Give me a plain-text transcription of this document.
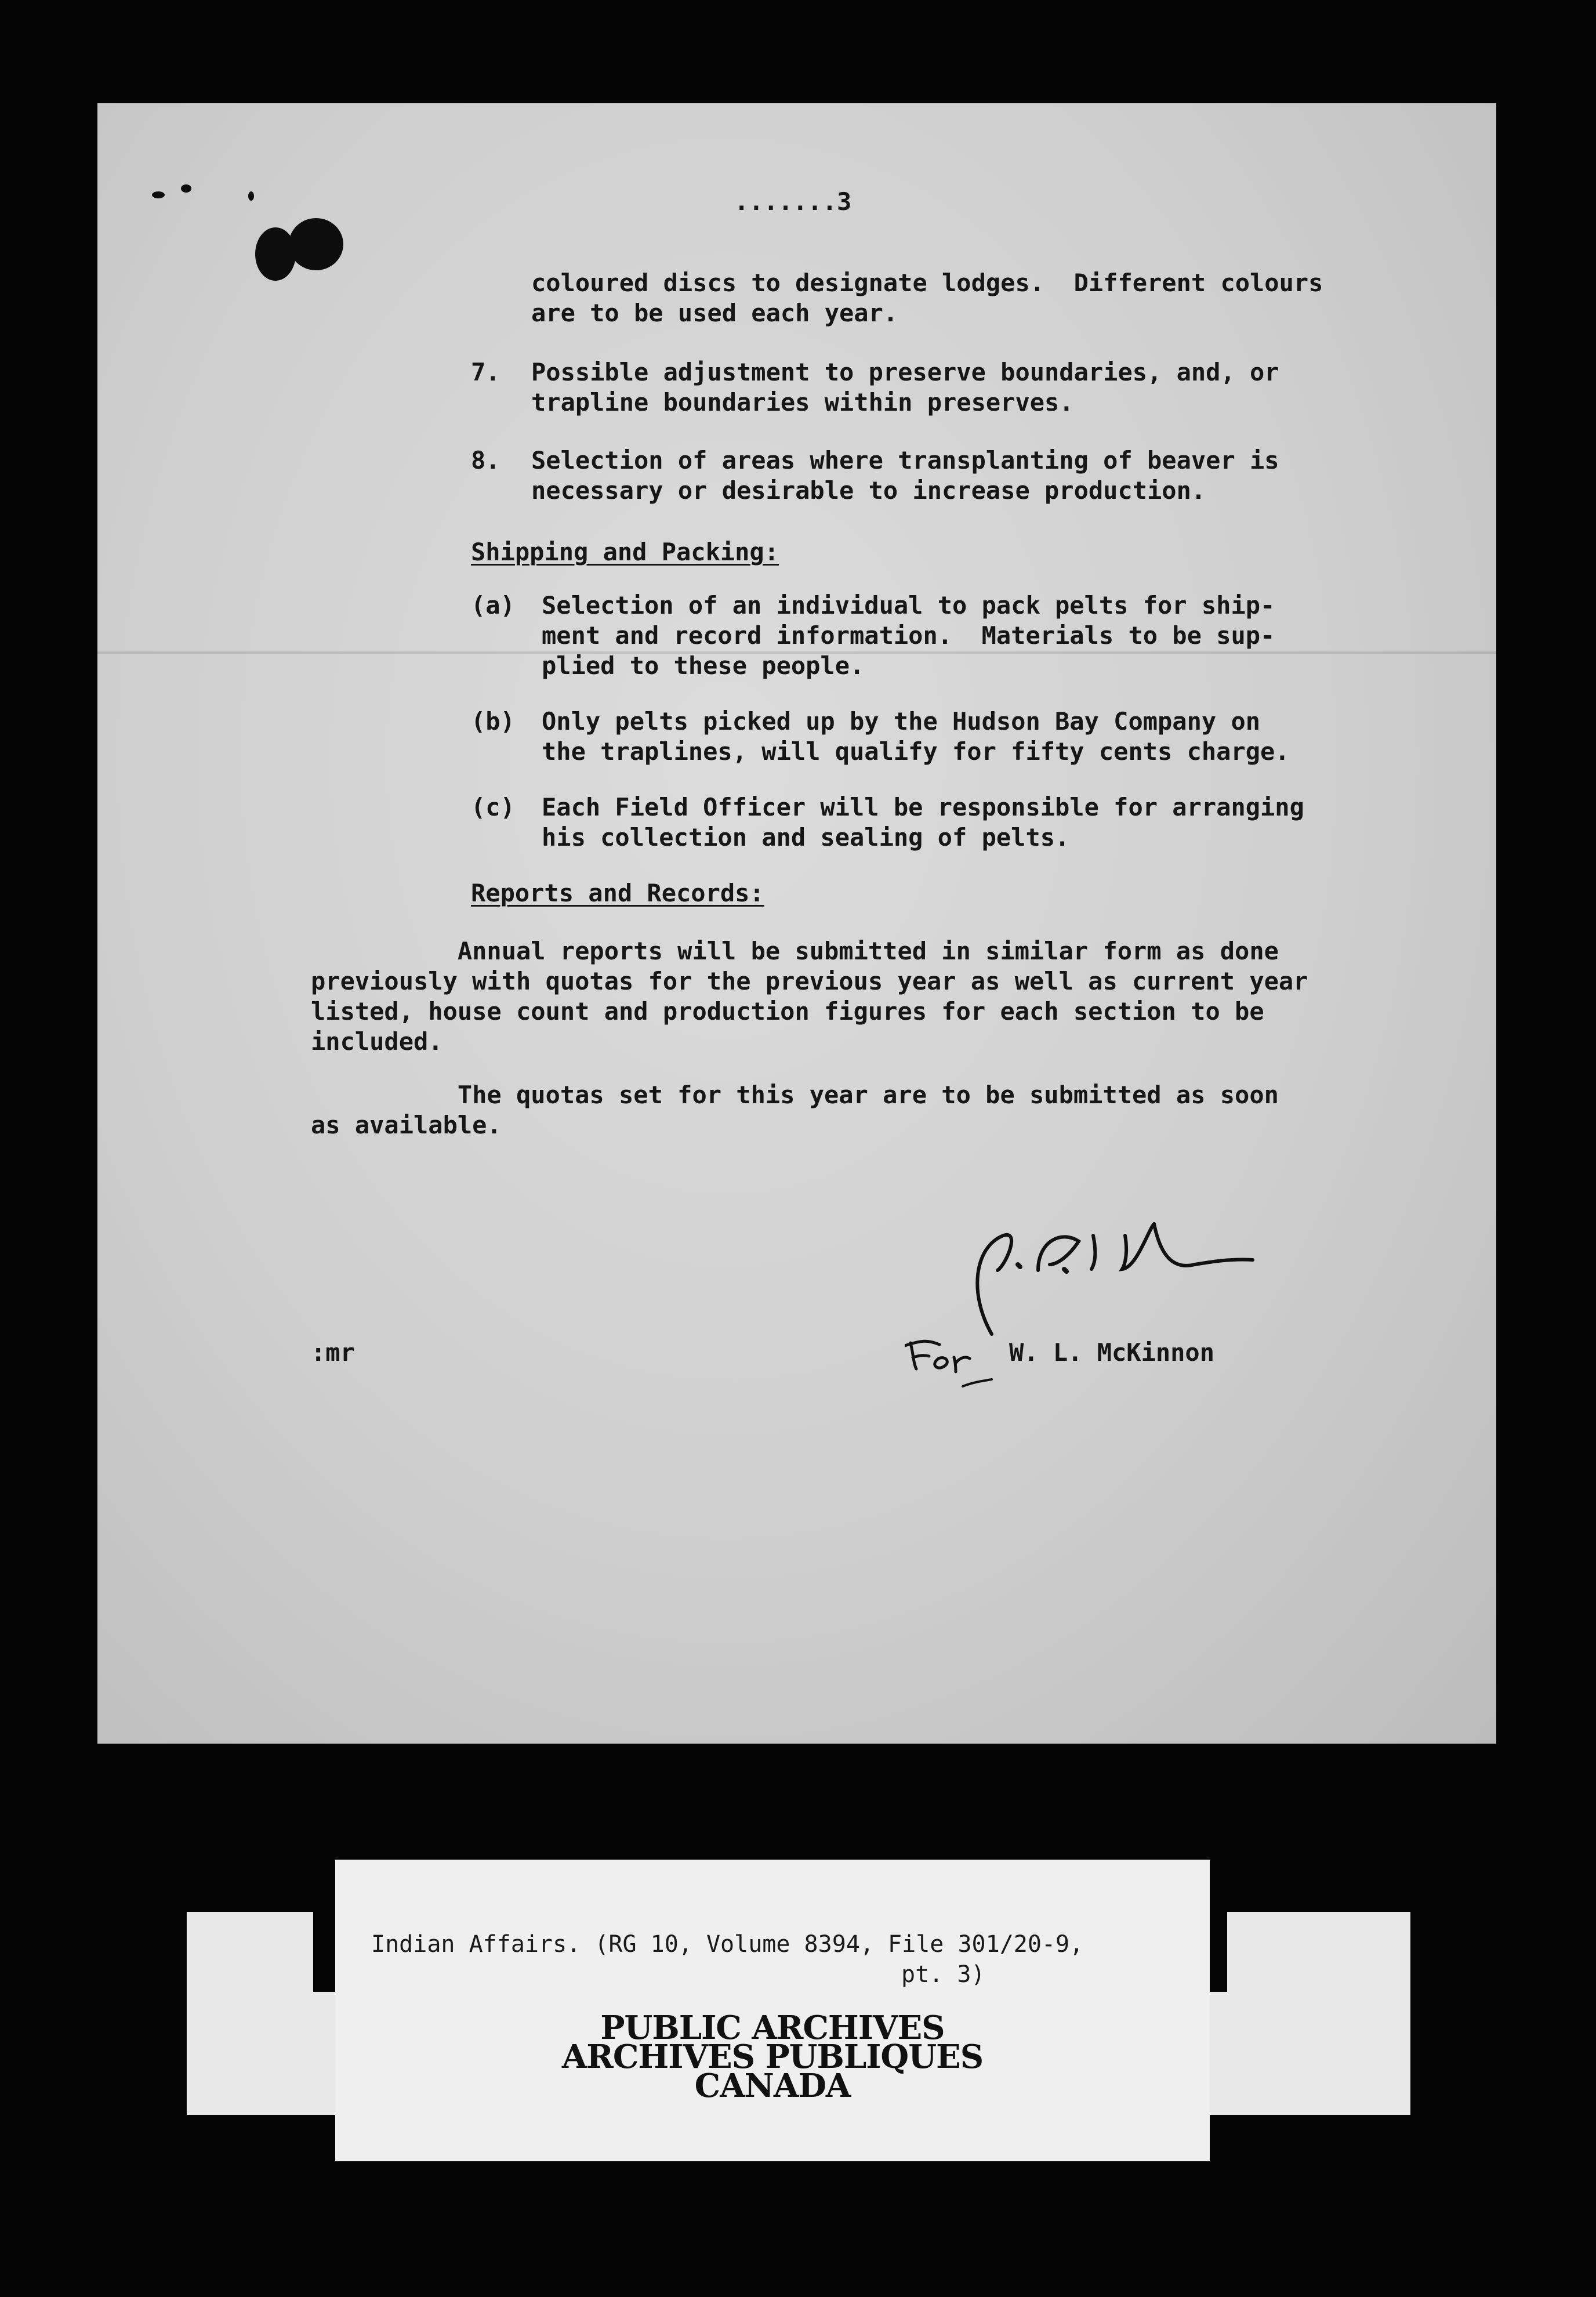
.......3
coloured discs to designate lodges.  Different colours
are to be used each year.
7. Possible adjustment to preserve boundaries, and, or
trapline boundaries within preserves.
8. Selection of areas where transplanting of beaver is
necessary or desirable to increase production.
Shipping and Packing:
(a) Selection of an individual to pack pelts for ship-
ment and record information.  Materials to be sup-
plied to these people.
(b) Only pelts picked up by the Hudson Bay Company on
the traplines, will qualify for fifty cents charge.
(c) Each Field Officer will be responsible for arranging
his collection and sealing of pelts.
Reports and Records:
Annual reports will be submitted in similar form as done
previously with quotas for the previous year as well as current year
listed, house count and production figures for each section to be
included.
The quotas set for this year are to be submitted as soon
as available.
:mr	W. L. McKinnon
Indian Affairs. (RG 10, Volume 8394, File 301/20-9,
pt. 3)
PUBLIC ARCHIVES
ARCHIVES PUBLIQUES
CANADA
